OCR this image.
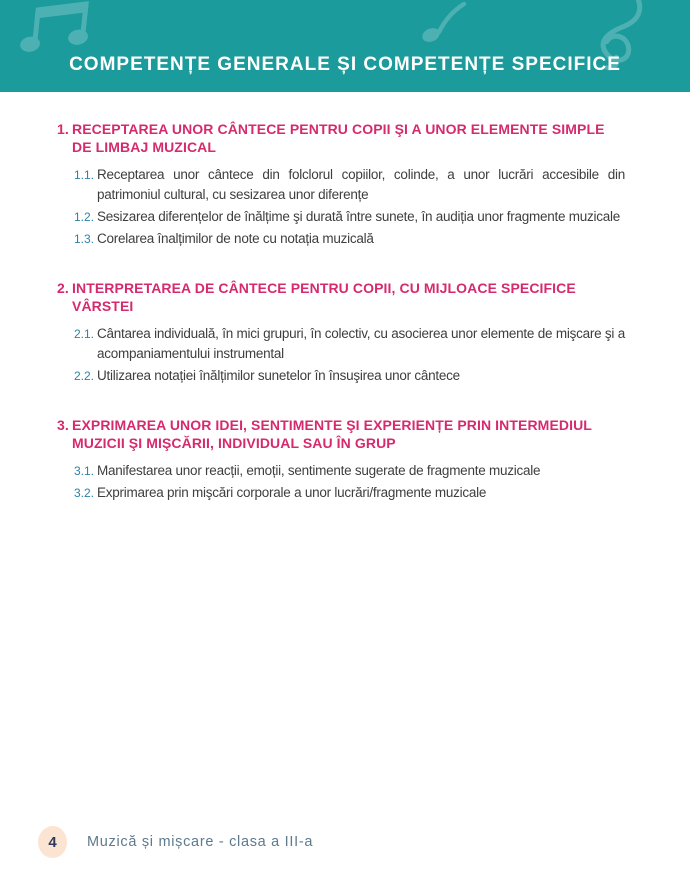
COMPETENȚE GENERALE ȘI COMPETENȚE SPECIFICE
1. RECEPTAREA UNOR CÂNTECE PENTRU COPII ŞI A UNOR ELEMENTE SIMPLE DE LIMBAJ MUZICAL
1.1. Receptarea unor cântece din folclorul copiilor, colinde, a unor lucrări accesibile din patrimoniul cultural, cu sesizarea unor diferențe

1.2. Sesizarea diferențelor de înălțime şi durată între sunete, în audiția unor fragmente muzicale

1.3. Corelarea înalțimilor de note cu notația muzicală

2. INTERPRETAREA DE CÂNTECE PENTRU COPII, CU MIJLOACE SPECIFICE VÂRSTEI
2.1. Cântarea individuală, în mici grupuri, în colectiv, cu asocierea unor elemente de mişcare şi a acompaniamentului instrumental

2.2. Utilizarea notației înălțimilor sunetelor în însuşirea unor cântece

3. EXPRIMAREA UNOR IDEI, SENTIMENTE ŞI EXPERIENȚE PRIN INTERMEDIUL MUZICII ŞI MIŞCĂRII, INDIVIDUAL SAU ÎN GRUP
3.1. Manifestarea unor reacții, emoții, sentimente sugerate de fragmente muzicale

3.2. Exprimarea prin mişcări corporale a unor lucrări/fragmente muzicale

4 Muzică și mișcare - clasa a III-a
